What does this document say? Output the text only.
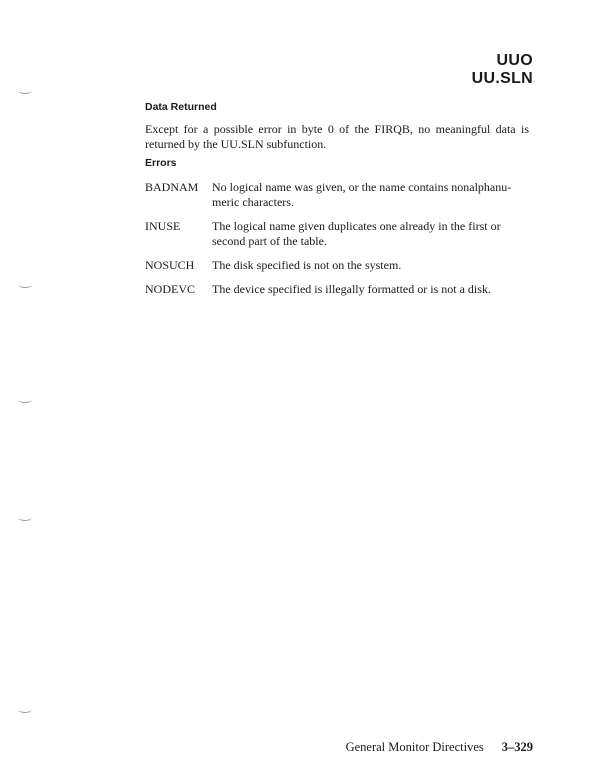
UUO
UU.SLN
Data Returned
Except for a possible error in byte 0 of the FIRQB, no meaningful data is returned by the UU.SLN subfunction.
Errors
BADNAM	No logical name was given, or the name contains nonalphanu-meric characters.
INUSE	The logical name given duplicates one already in the first or second part of the table.
NOSUCH	The disk specified is not on the system.
NODEVC	The device specified is illegally formatted or is not a disk.
General Monitor Directives 3–329
